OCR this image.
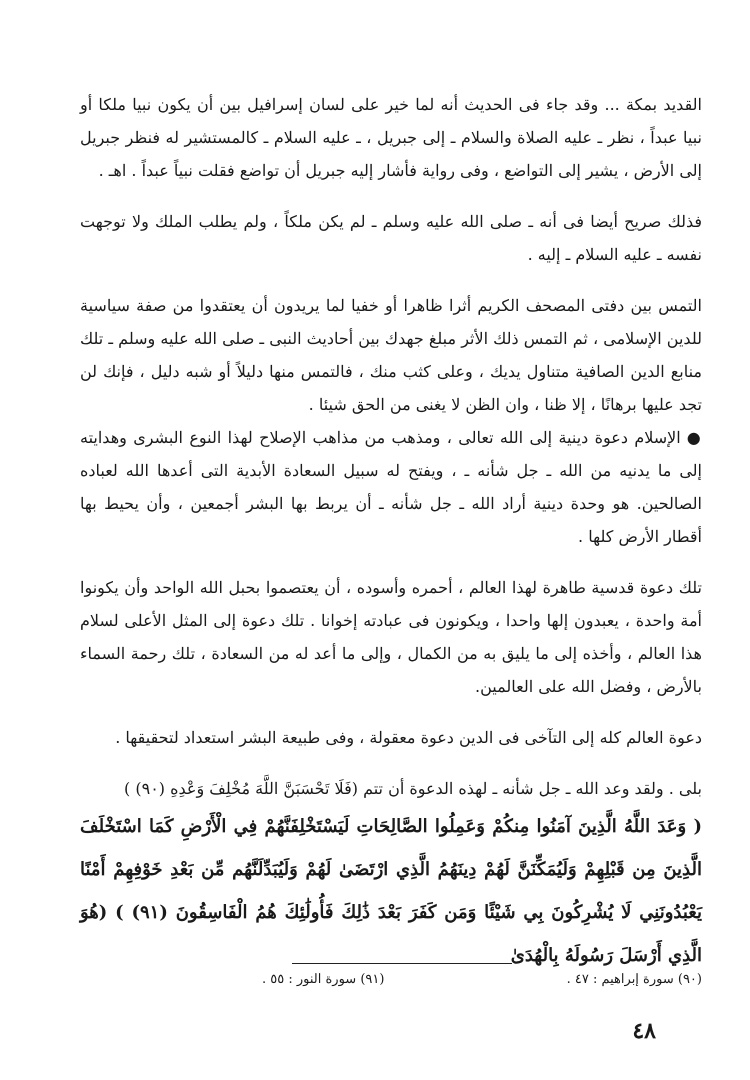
القديد بمكة ... وقد جاء فى الحديث أنه لما خير على لسان إسرافيل بين أن يكون نبيا ملكا أو نبيا عبداً ، نظر ـ عليه الصلاة والسلام ـ إلى جبريل ، ـ عليه السلام ـ كالمستشير له فنظر جبريل إلى الأرض ، يشير إلى التواضع ، وفى رواية فأشار إليه جبريل أن تواضع فقلت نبياً عبداً . اهـ .

فذلك صريح أيضا فى أنه ـ صلى الله عليه وسلم ـ لم يكن ملكاً ، ولم يطلب الملك ولا توجهت نفسه ـ عليه السلام ـ إليه .

التمس بين دفتى المصحف الكريم أثرا ظاهرا أو خفيا لما يريدون أن يعتقدوا من صفة سياسية للدين الإسلامى ، ثم التمس ذلك الأثر مبلغ جهدك بين أحاديث النبى ـ صلى الله عليه وسلم ـ تلك منابع الدين الصافية متناول يديك ، وعلى كثب منك ، فالتمس منها دليلاً أو شبه دليل ، فإنك لن تجد عليها برهانًا ، إلا ظنا ، وان الظن لا يغنى من الحق شيئا .

●الإسلام دعوة دينية إلى الله تعالى ، ومذهب من مذاهب الإصلاح لهذا النوع البشرى وهدايته إلى ما يدنيه من الله ـ جل شأنه ـ ، ويفتح له سبيل السعادة الأبدية التى أعدها الله لعباده الصالحين. هو وحدة دينية أراد الله ـ جل شأنه ـ أن يربط بها البشر أجمعين ، وأن يحيط بها أقطار الأرض كلها .

تلك دعوة قدسية طاهرة لهذا العالم ، أحمره وأسوده ، أن يعتصموا بحبل الله الواحد وأن يكونوا أمة واحدة ، يعبدون إلها واحدا ، ويكونون فى عبادته إخوانا . تلك دعوة إلى المثل الأعلى لسلام هذا العالم ، وأخذه إلى ما يليق به من الكمال ، وإلى ما أعد له من السعادة ، تلك رحمة السماء بالأرض ، وفضل الله على العالمين.

دعوة العالم كله إلى التآخى فى الدين دعوة معقولة ، وفى طبيعة البشر استعداد لتحقيقها .

بلى . ولقد وعد الله ـ جل شأنه ـ لهذه الدعوة أن تتم (فَلَا تَحْسَبَنَّ اللَّهَ مُخْلِفَ وَعْدِهِ (٩٠) )

( وَعَدَ اللَّهُ الَّذِينَ آمَنُوا مِنكُمْ وَعَمِلُوا الصَّالِحَاتِ لَيَسْتَخْلِفَنَّهُمْ فِي الْأَرْضِ كَمَا اسْتَخْلَفَ الَّذِينَ مِن قَبْلِهِمْ وَلَيُمَكِّنَنَّ لَهُمْ دِينَهُمُ الَّذِي ارْتَضَىٰ لَهُمْ وَلَيُبَدِّلَنَّهُم مِّن بَعْدِ خَوْفِهِمْ أَمْنًا يَعْبُدُونَنِي لَا يُشْرِكُونَ بِي شَيْئًا وَمَن كَفَرَ بَعْدَ ذَٰلِكَ فَأُولَٰئِكَ هُمُ الْفَاسِقُونَ (٩١) ) (هُوَ الَّذِي أَرْسَلَ رَسُولَهُ بِالْهُدَىٰ

(٩٠) سورة إبراهيم : ٤٧ .
(٩١) سورة النور : ٥٥ .
٤٨
